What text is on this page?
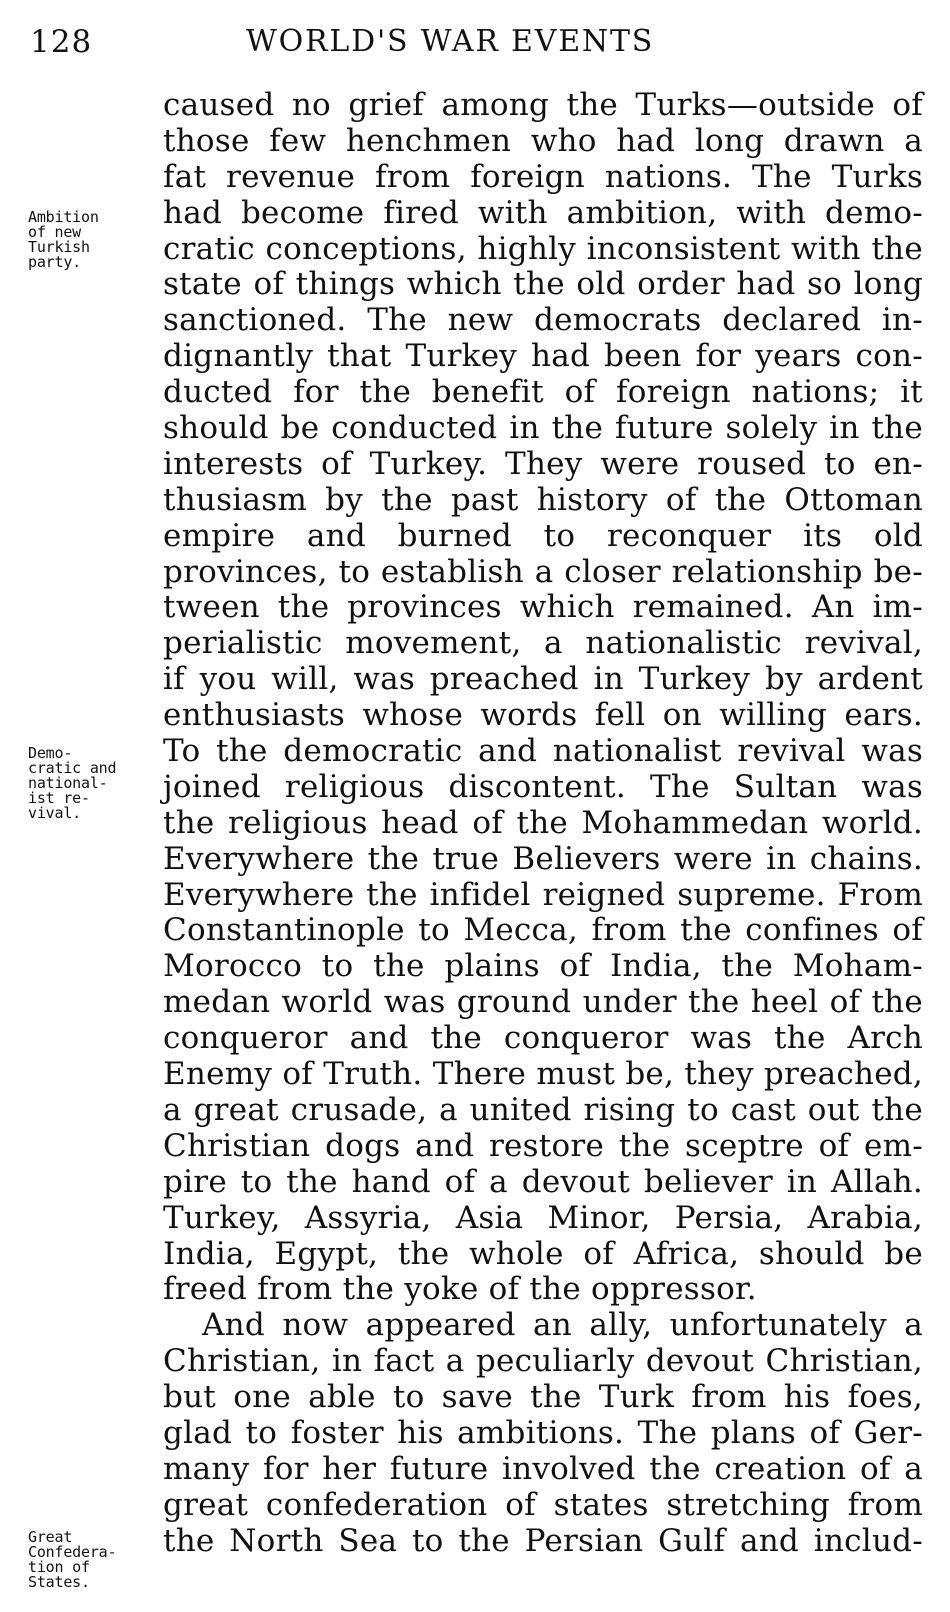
128	WORLD'S WAR EVENTS
Ambition
of new
Turkish
party.
Demo-
cratic and
national-
ist re-
vival.
Great
Confedera-
tion of
States.
caused no grief among the Turks—outside of
those few henchmen who had long drawn a
fat revenue from foreign nations. The Turks
had become fired with ambition, with demo-
cratic conceptions, highly inconsistent with the
state of things which the old order had so long
sanctioned. The new democrats declared in-
dignantly that Turkey had been for years con-
ducted for the benefit of foreign nations; it
should be conducted in the future solely in the
interests of Turkey. They were roused to en-
thusiasm by the past history of the Ottoman
empire and burned to reconquer its old
provinces, to establish a closer relationship be-
tween the provinces which remained. An im-
perialistic movement, a nationalistic revival,
if you will, was preached in Turkey by ardent
enthusiasts whose words fell on willing ears.
To the democratic and nationalist revival was
joined religious discontent. The Sultan was
the religious head of the Mohammedan world.
Everywhere the true Believers were in chains.
Everywhere the infidel reigned supreme. From
Constantinople to Mecca, from the confines of
Morocco to the plains of India, the Moham-
medan world was ground under the heel of the
conqueror and the conqueror was the Arch
Enemy of Truth. There must be, they preached,
a great crusade, a united rising to cast out the
Christian dogs and restore the sceptre of em-
pire to the hand of a devout believer in Allah.
Turkey, Assyria, Asia Minor, Persia, Arabia,
India, Egypt, the whole of Africa, should be
freed from the yoke of the oppressor.
And now appeared an ally, unfortunately a
Christian, in fact a peculiarly devout Christian,
but one able to save the Turk from his foes,
glad to foster his ambitions. The plans of Ger-
many for her future involved the creation of a
great confederation of states stretching from
the North Sea to the Persian Gulf and includ-
